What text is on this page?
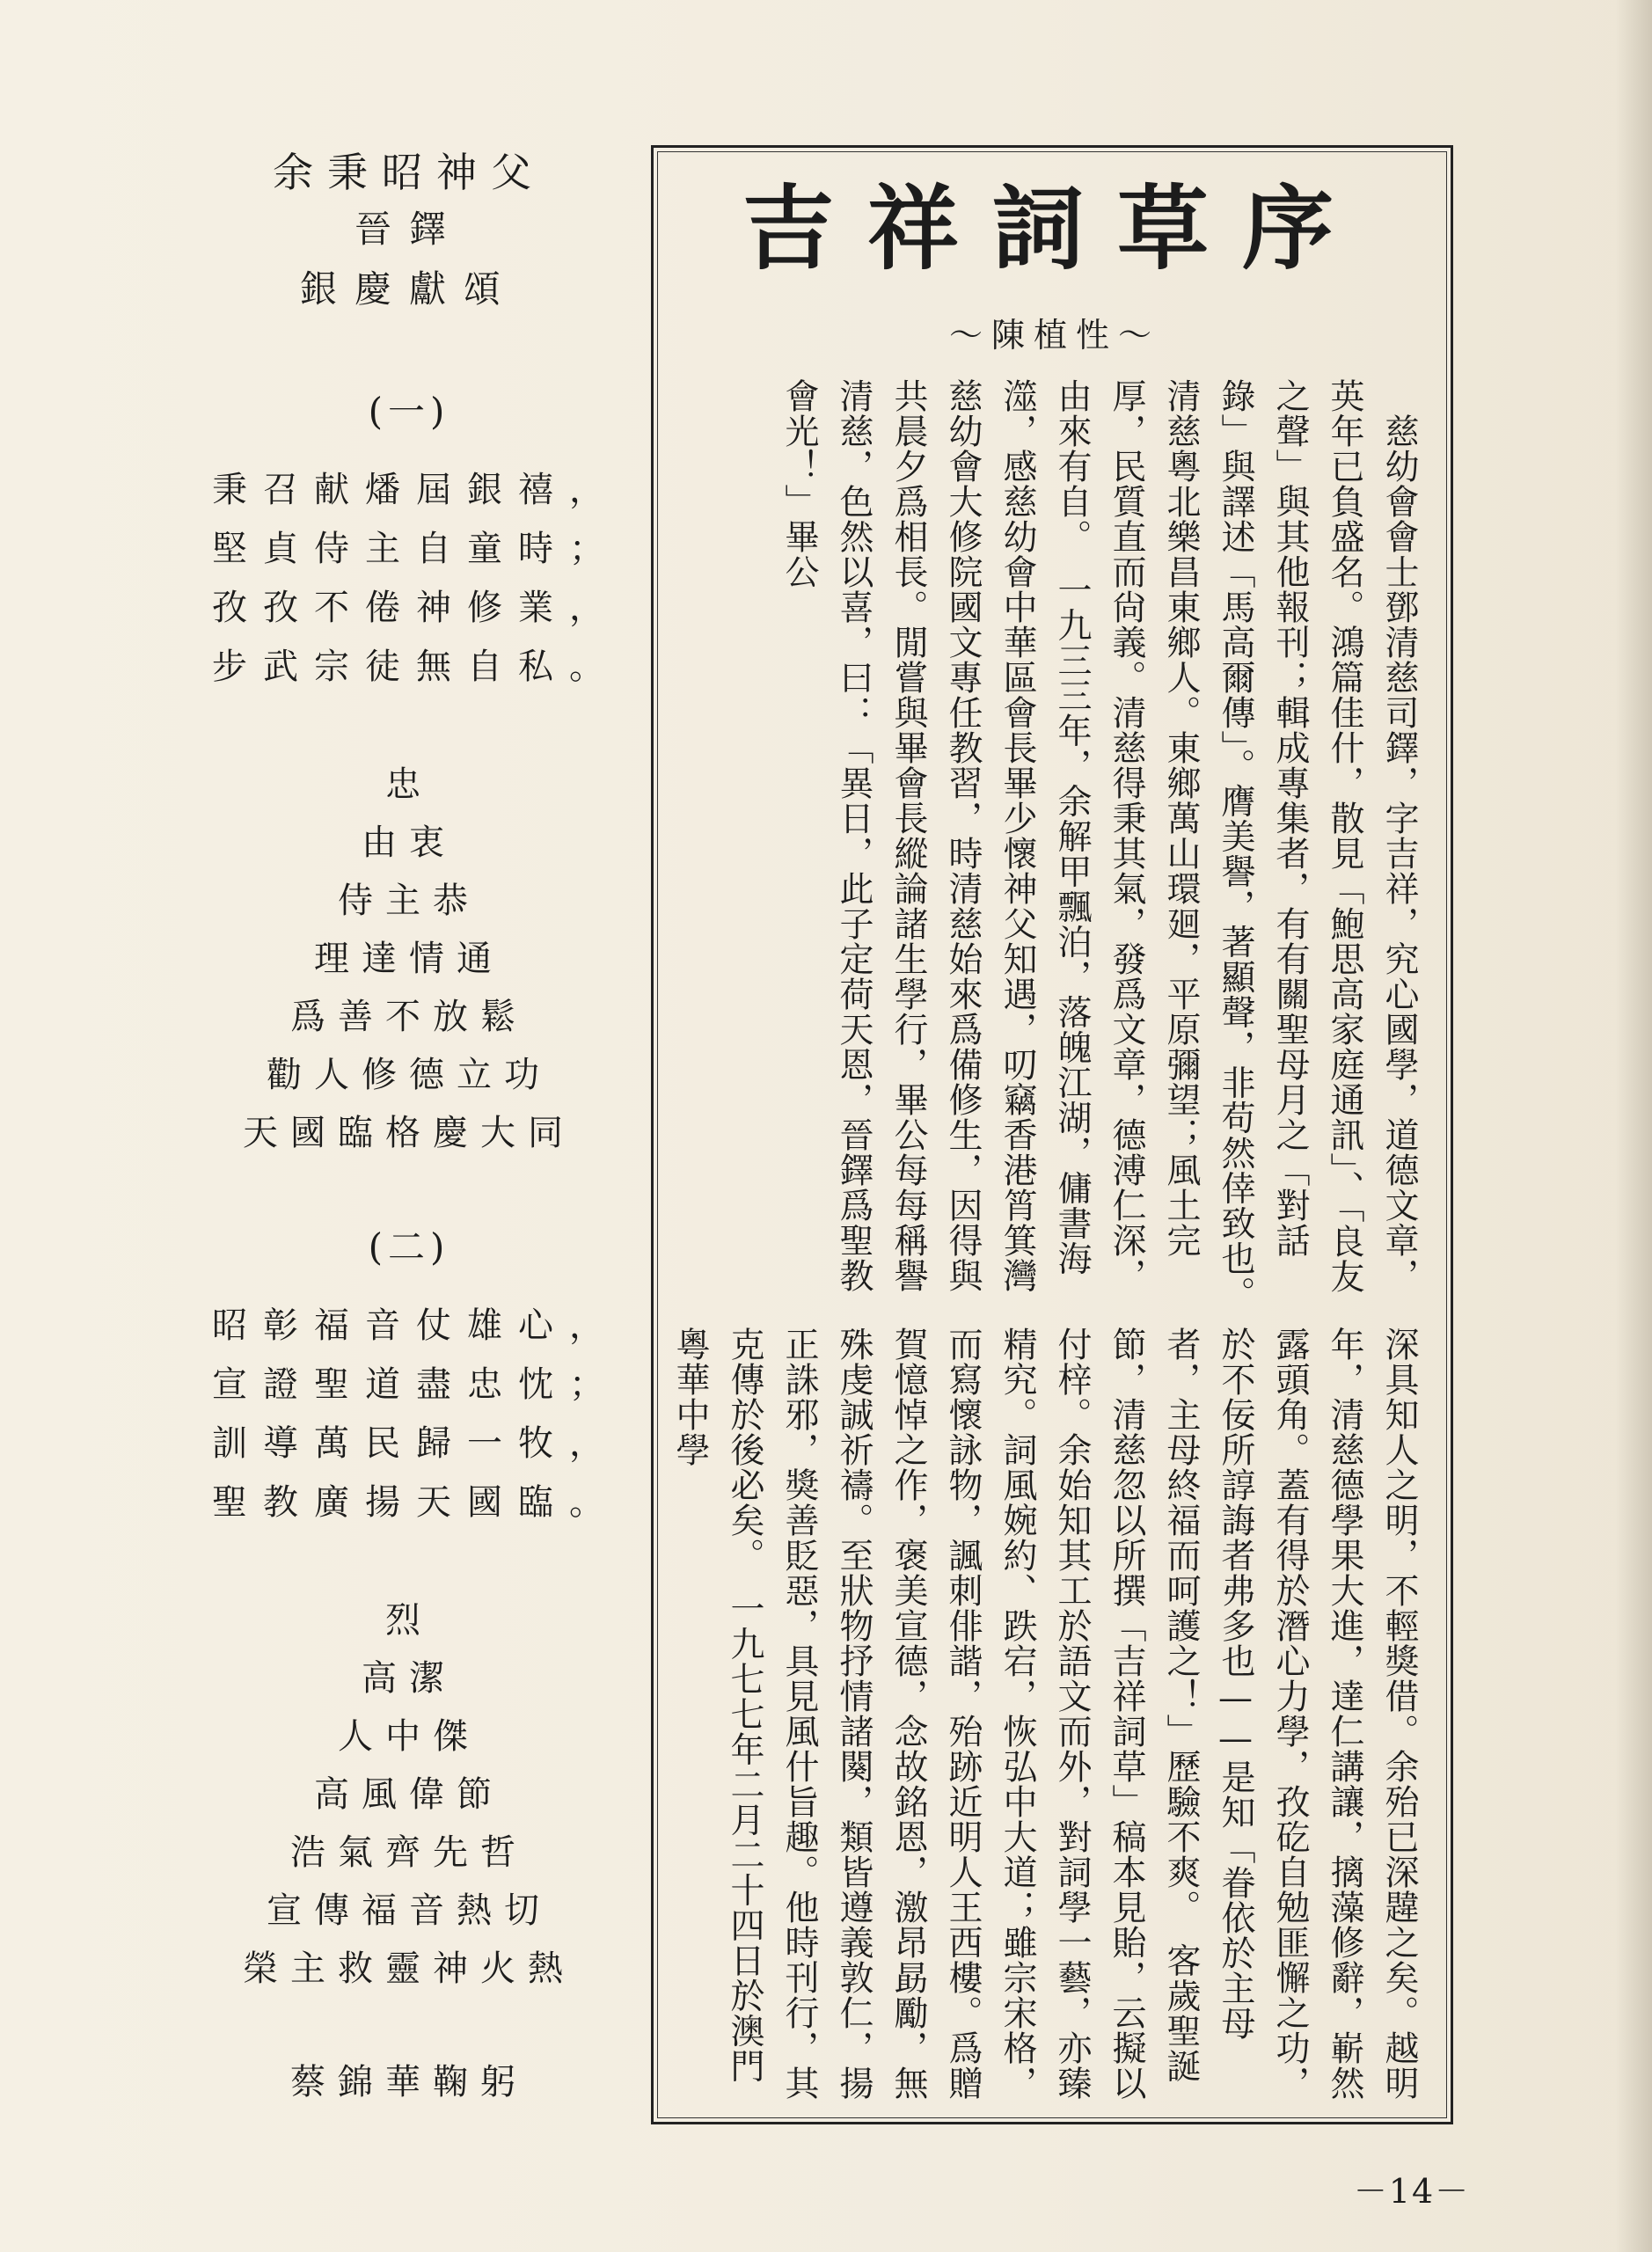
余秉昭神父
晉鐸
銀慶獻頌
(一)
秉召献燔屆銀禧，
堅貞侍主自童時；
孜孜不倦神修業，
步武宗徒無自私。
忠
由衷
侍主恭
理達情通
爲善不放鬆
勸人修德立功
天國臨格慶大同
(二)
昭彰福音仗雄心，
宣證聖道盡忠忱；
訓導萬民歸一牧，
聖教廣揚天國臨。
烈
高潔
人中傑
高風偉節
浩氣齊先哲
宣傳福音熱切
榮主救靈神火熱
蔡錦華鞠躬
吉祥詞草序
～陳植性～
　慈幼會會士鄧清慈司鐸，字吉祥，究心國學，道德文章，英年已負盛名。鴻篇佳什，散見「鮑思高家庭通訊」、「良友之聲」與其他報刊；輯成專集者，有有關聖母月之「對話錄」與譯述「馬高爾傳」。膺美譽，著顯聲，非苟然倖致也。　清慈粵北樂昌東鄉人。東鄉萬山環廻，平原彌望；風土完厚，民質直而尙義。清慈得秉其氣，發爲文章，德溥仁深，由來有自。　一九三三年，余解甲飄泊，落魄江湖，傭書海澨，感慈幼會中華區會長畢少懷神父知遇，叨竊香港筲箕灣慈幼會大修院國文專任教習，時清慈始來爲備修生，因得與共晨夕爲相長。閒嘗與畢會長縱論諸生學行，畢公每每稱譽清慈，色然以喜，曰：「異日，此子定荷天恩，晉鐸爲聖教會光！」畢公
深具知人之明，不輕獎借。余殆已深韙之矣。越明年，清慈德學果大進，達仁講讓，摛藻修辭，嶄然露頭角。蓋有得於潛心力學，孜矻自勉匪懈之功，於不佞所諄誨者弗多也——是知「眷依於主母者，主母終福而呵護之！」歷驗不爽。　客歲聖誕節，清慈忽以所撰「吉祥詞草」稿本見貽，云擬以付梓。余始知其工於語文而外，對詞學一藝，亦臻精究。詞風婉約、跌宕，恢弘中大道；雖宗宋格，而寫懷詠物，諷刺俳諧，殆跡近明人王西樓。爲贈賀憶悼之作，褒美宣德，念故銘恩，激昂勗勵，無殊虔誠祈禱。至狀物抒情諸闋，類皆遵義敦仁，揚正誅邪，獎善貶惡，具見風什旨趣。他時刊行，其克傳於後必矣。　一九七七年二月二十四日於澳門粵華中學
－14－
